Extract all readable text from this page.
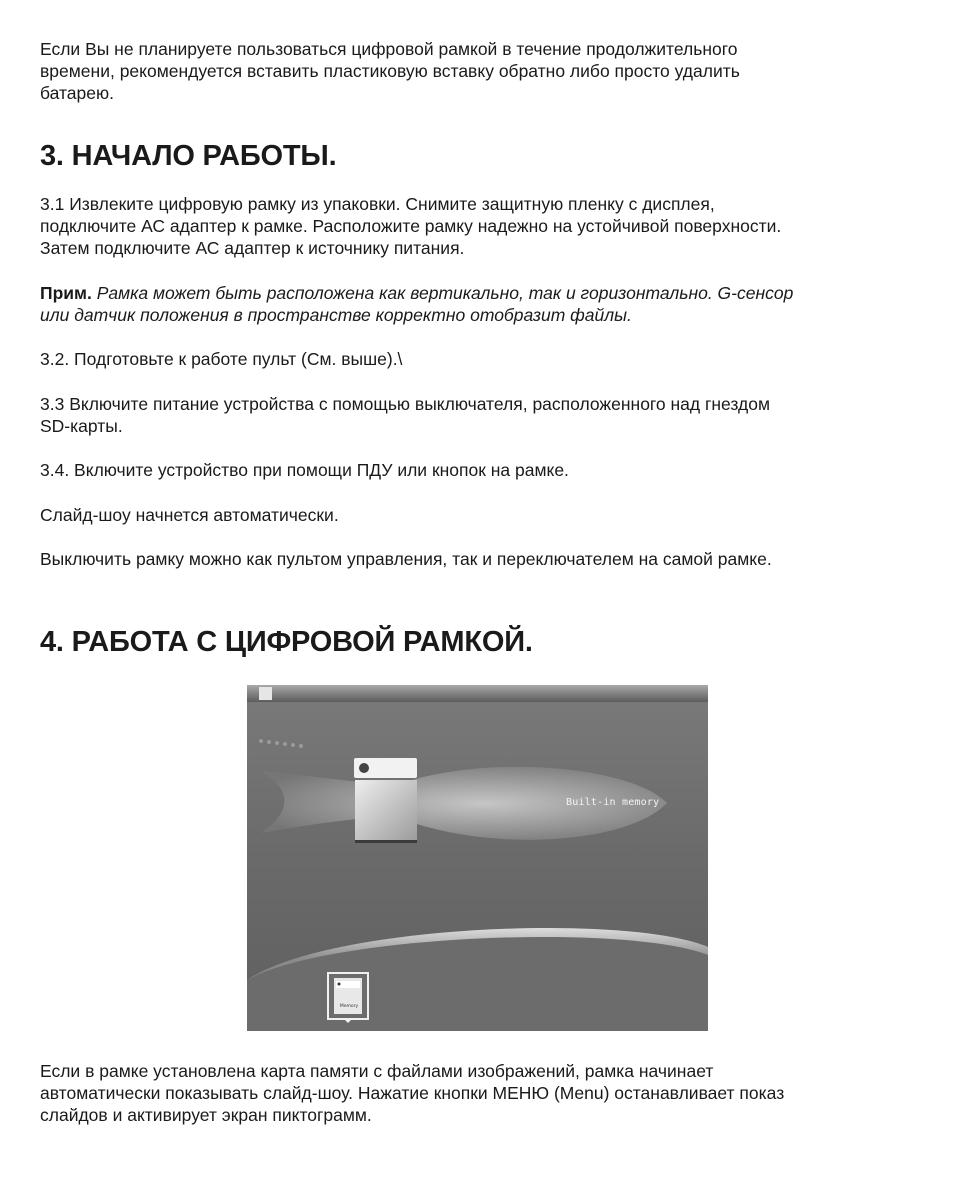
Если Вы не планируете пользоваться цифровой рамкой в течение продолжительного

времени, рекомендуется вставить пластиковую вставку обратно либо просто удалить

батарею.

3. НАЧАЛО РАБОТЫ.

3.1 Извлеките цифровую рамку из упаковки. Снимите защитную пленку с дисплея,

подключите АС адаптер к рамке. Расположите рамку надежно на устойчивой поверхности.

Затем подключите АС адаптер к источнику питания.

Прим. Рамка может быть расположена как вертикально, так и горизонтально. G-сенсор

или датчик положения в пространстве корректно отобразит файлы.

3.2. Подготовьте к работе пульт (См. выше).\

3.3 Включите питание устройства с помощью выключателя, расположенного над гнездом

SD-карты.

3.4. Включите устройство при помощи ПДУ или кнопок на рамке.

Слайд-шоу начнется автоматически.

Выключить рамку можно как пультом управления, так и переключателем на самой рамке.

4. РАБОТА С ЦИФРОВОЙ РАМКОЙ.
Built-in memory
Memory

Если в рамке установлена карта памяти с файлами изображений, рамка начинает

автоматически показывать слайд-шоу. Нажатие кнопки МЕНЮ (Menu) останавливает показ

слайдов и активирует экран пиктограмм.
